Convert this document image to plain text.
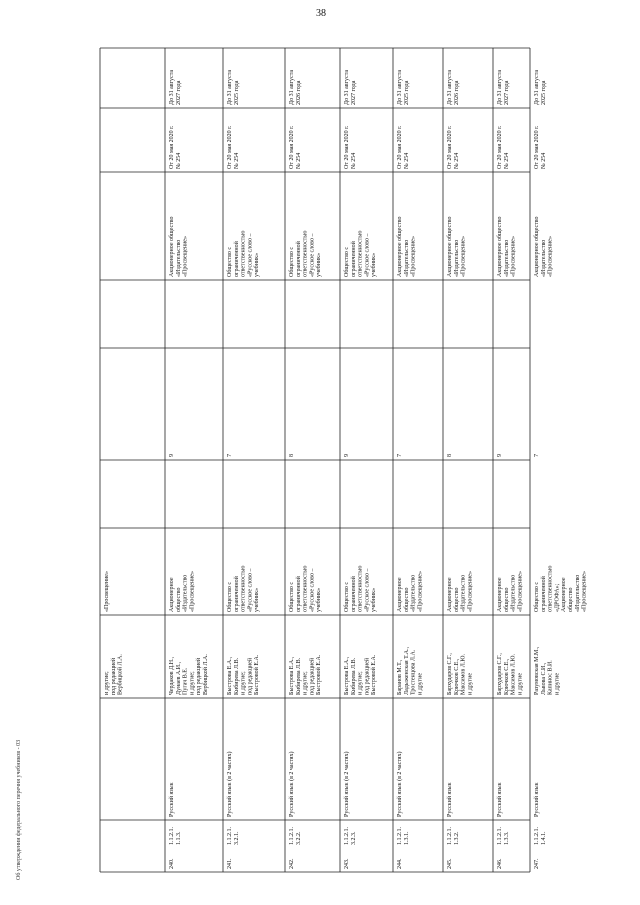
38
и другие;под редакциейВербицкой Л.А.
«Просвещение»
240.
1.1.2.1.1.1.3.
Русский язык
Чердаков Д.Н.,Дунаев А.И.,Пугач В.Е.и другие;под редакциейВербицкой Л.А.
Акционерноеобщество«Издательство«Просвещение»
9
Акционерное общество«Издательство«Просвещение»
От 20 мая 2020 г.№ 254
До 31 августа2027 года
241.
1.1.2.1.3.2.1.
Русский язык (в 2 частях)
Быстрова Е.А.,Кибирева Л.В.и другие;под редакциейБыстровой Е.А.
Общество сограниченнойответственностью«Русское слово –учебник»
7
Общество сограниченнойответственностью«Русское слово –учебник»
От 20 мая 2020 г.№ 254
До 31 августа2025 года
242.
1.1.2.1.3.2.2.
Русский язык (в 2 частях)
Быстрова Е.А.,Кибирева Л.В.и другие;под редакциейБыстровой Е.А.
Общество сограниченнойответственностью«Русское слово –учебник»
8
Общество сограниченнойответственностью«Русское слово –учебник»
От 20 мая 2020 г.№ 254
До 31 августа2026 года
243.
1.1.2.1.3.2.3.
Русский язык (в 2 частях)
Быстрова Е.А.,Кибирева Л.В.и другие;под редакциейБыстровой Е.А.
Общество сограниченнойответственностью«Русское слово –учебник»
9
Общество сограниченнойответственностью«Русское слово –учебник»
От 20 мая 2020 г.№ 254
До 31 августа2027 года
244.
1.1.2.1.1.3.1.
Русский язык (в 2 частях)
Баранов М.Т.,Ладыженская Т.А.,Тростенцова Л.А.и другие
Акционерноеобщество«Издательство«Просвещение»
7
Акционерное общество«Издательство«Просвещение»
От 20 мая 2020 г.№ 254
До 31 августа2025 года
245.
1.1.2.1.1.3.2.
Русский язык
Бархударов С.Г.,Крючков С.Е.,Максимов Л.Ю.и другие
Акционерноеобщество«Издательство«Просвещение»
8
Акционерное общество«Издательство«Просвещение»
От 20 мая 2020 г.№ 254
До 31 августа2026 года
246.
1.1.2.1.1.3.3.
Русский язык
Бархударов С.Г.,Крючков С.Е.,Максимов Л.Ю.и другие
Акционерноеобщество«Издательство«Просвещение»
9
Акционерное общество«Издательство«Просвещение»
От 20 мая 2020 г.№ 254
До 31 августа2027 года
247.
1.1.2.1.1.4.1.
Русский язык
Разумовская М.М.,Львова С.И.,Капинос В.И.и другие
Общество сограниченнойответственностью«ДРОФА»;Акционерноеобщество«Издательство«Просвещение»
7
Акционерное общество«Издательство«Просвещение»
От 20 мая 2020 г.№ 254
До 31 августа2025 года
Об утверждении федерального перечня учебников - 03
